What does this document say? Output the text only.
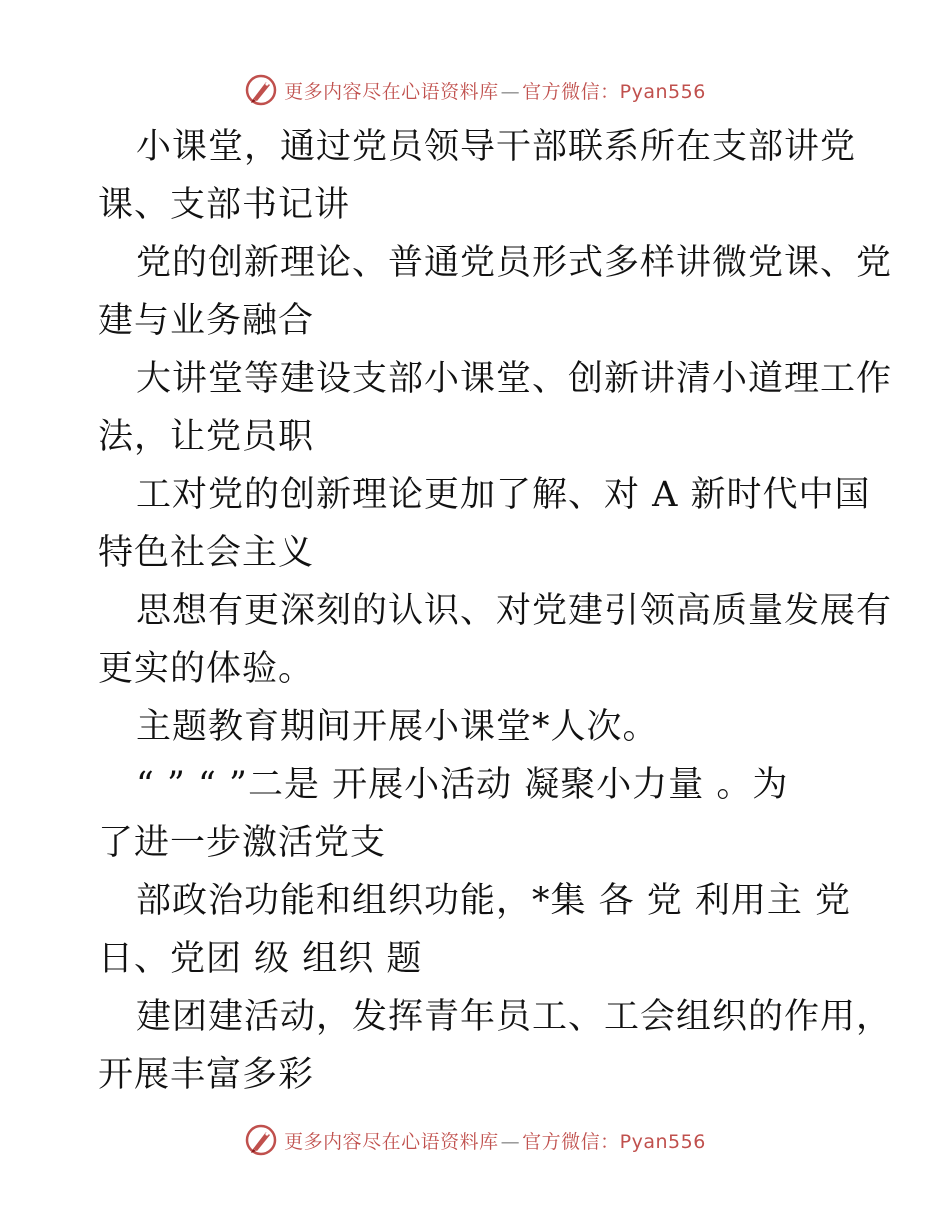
更多内容尽在心语资料库 — 官方微信：Pyan556
小课堂，通过党员领导干部联系所在支部讲党
课、支部书记讲
党的创新理论、普通党员形式多样讲微党课、党
建与业务融合
大讲堂等建设支部小课堂、创新讲清小道理工作
法，让党员职
工对党的创新理论更加了解、对 A 新时代中国
特色社会主义
思想有更深刻的认识、对党建引领高质量发展有
更实的体验。
主题教育期间开展小课堂*人次。
“ ” “ ”二是 开展小活动 凝聚小力量 。为
了进一步激活党支
部政治功能和组织功能，*集 各 党 利用主 党
日、党团 级 组织 题
建团建活动，发挥青年员工、工会组织的作用，
开展丰富多彩
更多内容尽在心语资料库 — 官方微信：Pyan556
